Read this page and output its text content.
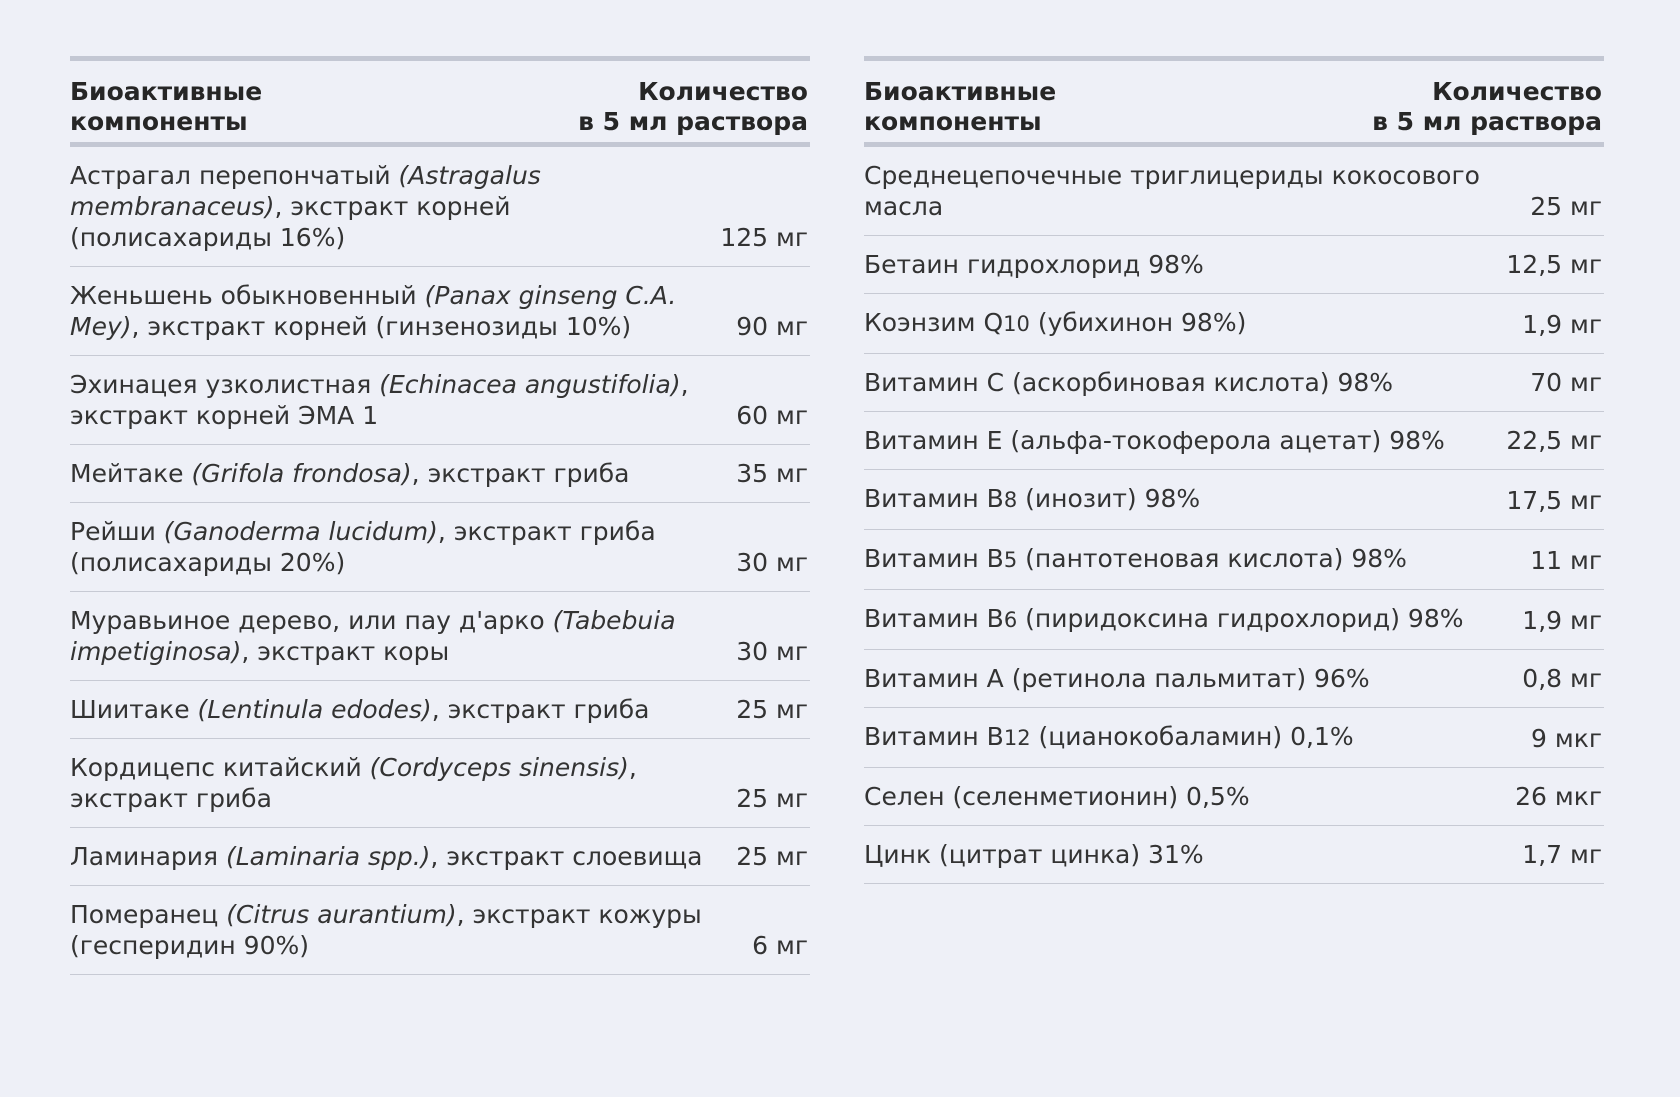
Биоактивные
компоненты
Количество
в 5 мл раствора
Астрагал перепончатый (Astragalus membranaceus), экстракт корней (полисахариды 16%)	125 мг
Женьшень обыкновенный (Panax ginseng C.A. Mey), экстракт корней (гинзенозиды 10%)	90 мг
Эхинацея узколистная (Echinacea angustifolia), экстракт корней ЭМА 1	60 мг
Мейтаке (Grifola frondosa), экстракт гриба	35 мг
Рейши (Ganoderma lucidum), экстракт гриба (полисахариды 20%)	30 мг
Муравьиное дерево, или пау д'арко (Tabebuia impetiginosa), экстракт коры	30 мг
Шиитаке (Lentinula edodes), экстракт гриба	25 мг
Кордицепс китайский (Cordyceps sinensis), экстракт гриба	25 мг
Ламинария (Laminaria spp.), экстракт слоевища	25 мг
Померанец (Citrus aurantium), экстракт кожуры (гесперидин 90%)	6 мг
Биоактивные
компоненты
Количество
в 5 мл раствора
Среднецепочечные триглицериды кокосового масла	25 мг
Бетаин гидрохлорид 98%	12,5 мг
Коэнзим Q10 (убихинон 98%)	1,9 мг
Витамин С (аскорбиновая кислота) 98%	70 мг
Витамин Е (альфа-токоферола ацетат) 98%	22,5 мг
Витамин В8 (инозит) 98%	17,5 мг
Витамин В5 (пантотеновая кислота) 98%	11 мг
Витамин В6 (пиридоксина гидрохлорид) 98%	1,9 мг
Витамин А (ретинола пальмитат) 96%	0,8 мг
Витамин В12 (цианокобаламин) 0,1%	9 мкг
Селен (селенметионин) 0,5%	26 мкг
Цинк (цитрат цинка) 31%	1,7 мг
